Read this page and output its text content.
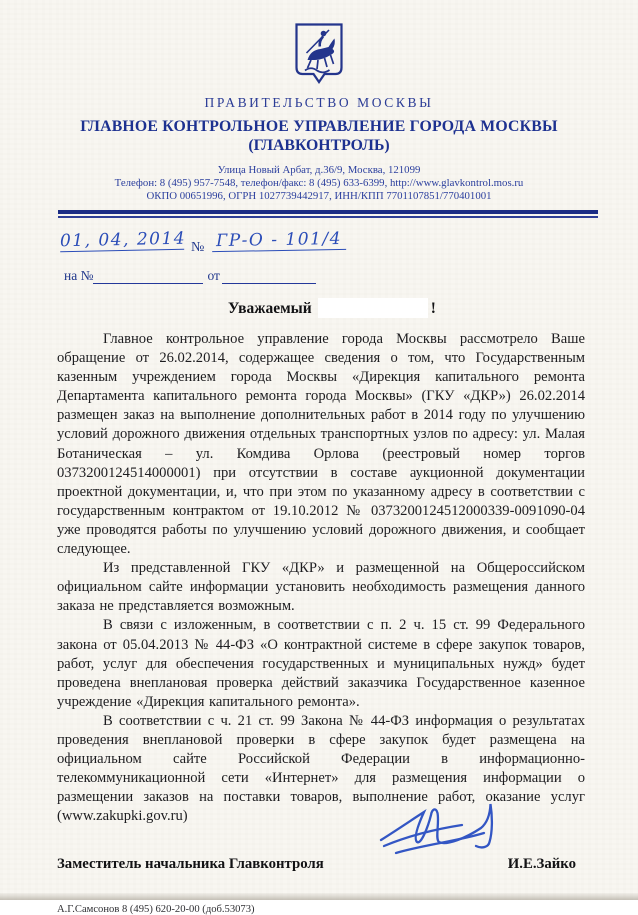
ПРАВИТЕЛЬСТВО МОСКВЫ
ГЛАВНОЕ КОНТРОЛЬНОЕ УПРАВЛЕНИЕ ГОРОДА МОСКВЫ
(ГЛАВКОНТРОЛЬ)
Улица Новый Арбат, д.36/9, Москва, 121099
Телефон: 8 (495) 957-7548, телефон/факс: 8 (495) 633-6399, http://www.glavkontrol.mos.ru
ОКПО 00651996, ОГРН 1027739442917, ИНН/КПП 7701107851/770401001
01, 04, 2014 № ГР-О - 101/4
на №	от
Уважаемый	!

Главное контрольное управление города Москвы рассмотрело Ваше обращение от 26.02.2014, содержащее сведения о том, что Государственным казенным учреждением города Москвы «Дирекция капитального ремонта Департамента капитального ремонта города Москвы» (ГКУ «ДКР») 26.02.2014 размещен заказ на выполнение дополнительных работ в 2014 году по улучшению условий дорожного движения отдельных транспортных узлов по адресу: ул. Малая Ботаническая – ул. Комдива Орлова (реестровый номер торгов 0373200124514000001) при отсутствии в составе аукционной документации проектной документации, и, что при этом по указанному адресу в соответствии с государственным контрактом от 19.10.2012 № 0373200124512000339-0091090-04 уже проводятся работы по улучшению условий дорожного движения, и сообщает следующее.

Из представленной ГКУ «ДКР» и размещенной на Общероссийском официальном сайте информации установить необходимость размещения данного заказа не представляется возможным.

В связи с изложенным, в соответствии с п. 2 ч. 15 ст. 99 Федерального закона от 05.04.2013 № 44-ФЗ «О контрактной системе в сфере закупок товаров, работ, услуг для обеспечения государственных и муниципальных нужд» будет проведена внеплановая проверка действий заказчика Государственное казенное учреждение «Дирекция капитального ремонта».

В соответствии с ч. 21 ст. 99 Закона № 44-ФЗ информация о результатах проведения внеплановой проверки в сфере закупок будет размещена на официальном сайте Российской Федерации в информационно-телекоммуникационной сети «Интернет» для размещения информации о размещении заказов на поставки товаров, выполнение работ, оказание услуг (www.zakupki.gov.ru)

Заместитель начальника Главконтроля	И.Е.Зайко
А.Г.Самсонов 8 (495) 620-20-00 (доб.53073)
